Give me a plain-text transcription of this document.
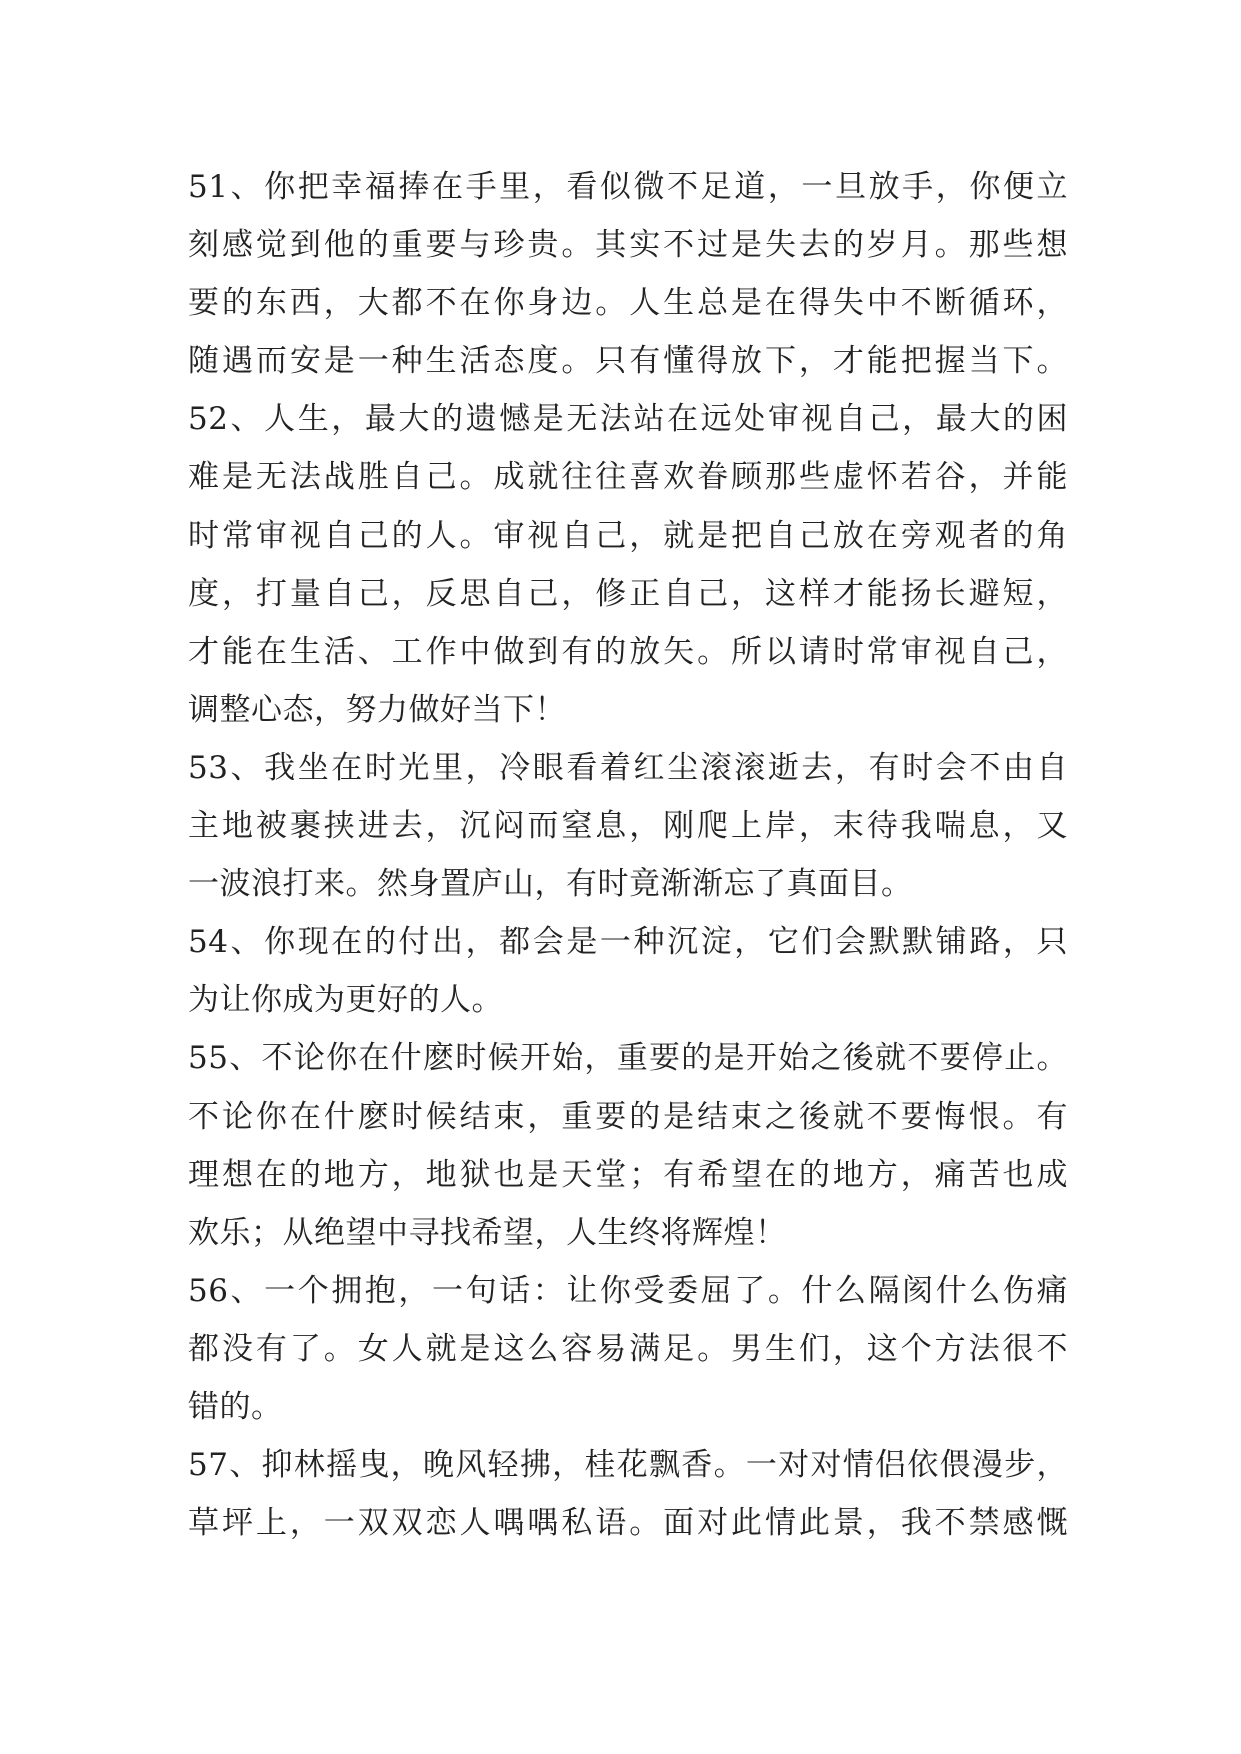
51、你把幸福捧在手里，看似微不足道，一旦放手，你便立
刻感觉到他的重要与珍贵。其实不过是失去的岁月。那些想
要的东西，大都不在你身边。人生总是在得失中不断循环，
随遇而安是一种生活态度。只有懂得放下，才能把握当下。
52、人生，最大的遗憾是无法站在远处审视自己，最大的困
难是无法战胜自己。成就往往喜欢眷顾那些虚怀若谷，并能
时常审视自己的人。审视自己，就是把自己放在旁观者的角
度，打量自己，反思自己，修正自己，这样才能扬长避短，
才能在生活、工作中做到有的放矢。所以请时常审视自己，
调整心态，努力做好当下！
53、我坐在时光里，冷眼看着红尘滚滚逝去，有时会不由自
主地被裹挟进去，沉闷而窒息，刚爬上岸，末待我喘息，又
一波浪打来。然身置庐山，有时竟渐渐忘了真面目。
54、你现在的付出，都会是一种沉淀，它们会默默铺路，只
为让你成为更好的人。
55、不论你在什麽时候开始，重要的是开始之後就不要停止。
不论你在什麽时候结束，重要的是结束之後就不要悔恨。有
理想在的地方，地狱也是天堂；有希望在的地方，痛苦也成
欢乐；从绝望中寻找希望，人生终将辉煌！
56、一个拥抱，一句话：让你受委屈了。什么隔阂什么伤痛
都没有了。女人就是这么容易满足。男生们，这个方法很不
错的。
57、抑林摇曳，晚风轻拂，桂花飘香。一对对情侣依偎漫步，
草坪上，一双双恋人喁喁私语。面对此情此景，我不禁感慨
